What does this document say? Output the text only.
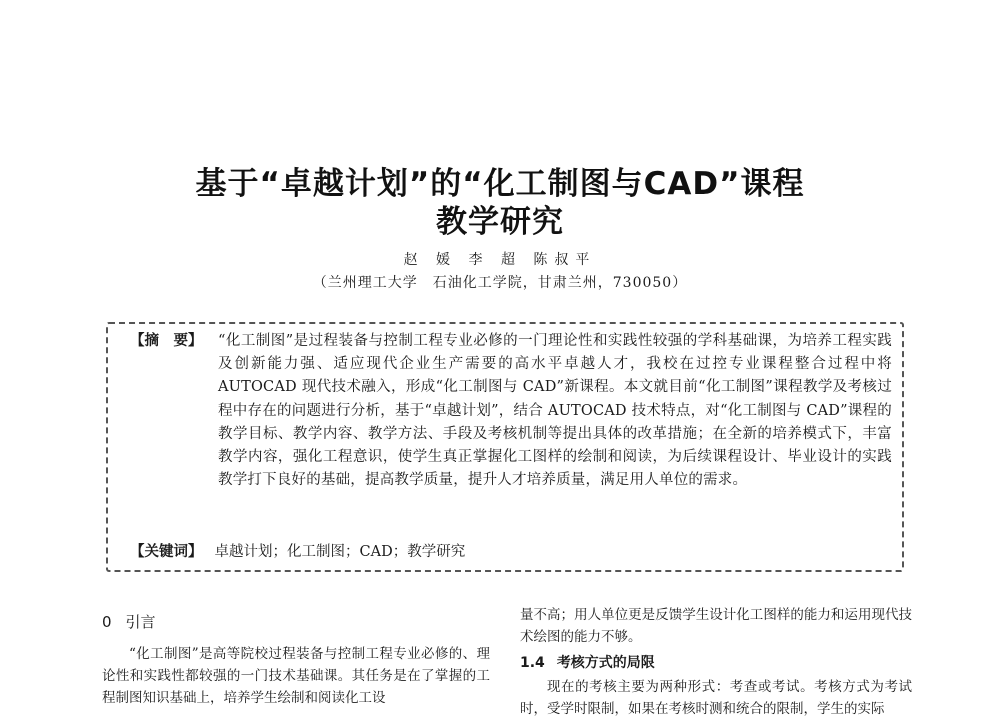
基于“卓越计划”的“化工制图与CAD”课程
教学研究
赵 媛 李 超 陈叔平
（兰州理工大学　石油化工学院，甘肃兰州，730050）
【摘　要】 “化工制图”是过程装备与控制工程专业必修的一门理论性和实践性较强的学科基础课，为培养工程实践及创新能力强、适应现代企业生产需要的高水平卓越人才，我校在过控专业课程整合过程中将 AUTOCAD 现代技术融入，形成“化工制图与 CAD”新课程。本文就目前“化工制图”课程教学及考核过程中存在的问题进行分析，基于“卓越计划”，结合 AUTOCAD 技术特点，对“化工制图与 CAD”课程的教学目标、教学内容、教学方法、手段及考核机制等提出具体的改革措施；在全新的培养模式下，丰富教学内容，强化工程意识，使学生真正掌握化工图样的绘制和阅读，为后续课程设计、毕业设计的实践教学打下良好的基础，提高教学质量，提升人才培养质量，满足用人单位的需求。
【关键词】 卓越计划；化工制图；CAD；教学研究
0 引言

“化工制图”是高等院校过程装备与控制工程专业必修的、理论性和实践性都较强的一门技术基础课。其任务是在了掌握的工程制图知识基础上，培养学生绘制和阅读化工设

量不高；用人单位更是反馈学生设计化工图样的能力和运用现代技术绘图的能力不够。

1.4 考核方式的局限

现在的考核主要为两种形式：考查或考试。考核方式为考试时，受学时限制，如果在考核时测和统合的限制，学生的实际
